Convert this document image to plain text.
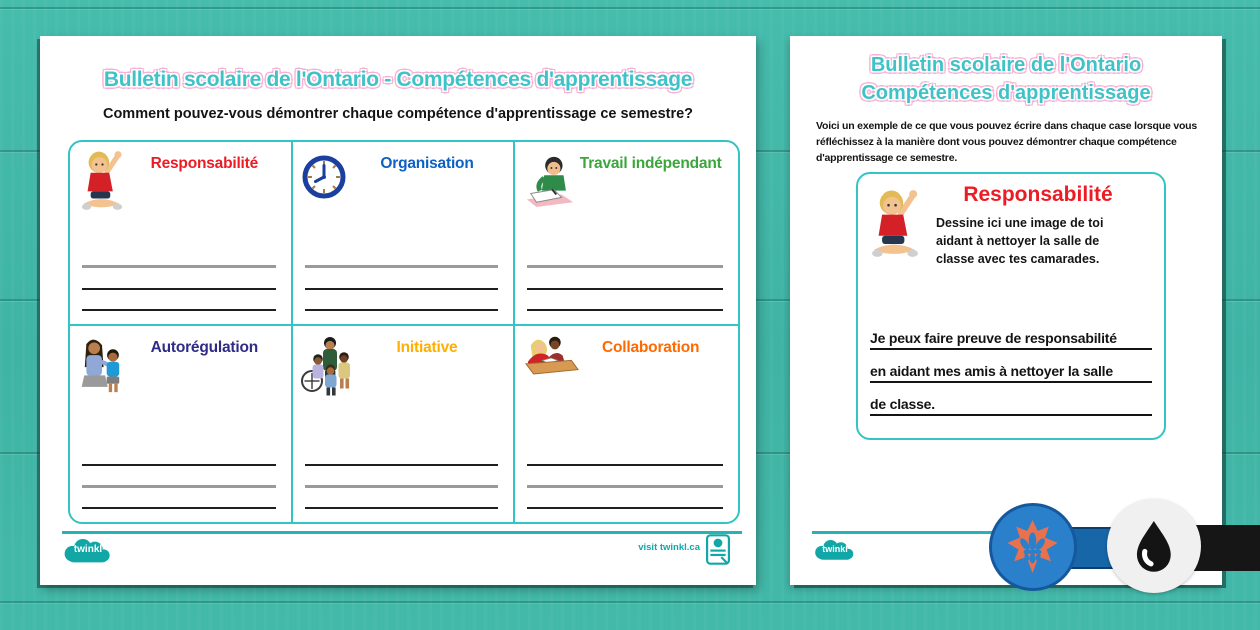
Bulletin scolaire de l'Ontario - Compétences d'apprentissage
Comment pouvez-vous démontrer chaque compétence d'apprentissage ce semestre?
Responsabilité	Organisation	Travail indépendant
Autorégulation	Initiative	Collaboration
twinkl	visit twinkl.ca
Bulletin scolaire de l'Ontario
Compétences d'apprentissage
Voici un exemple de ce que vous pouvez écrire dans chaque case lorsque vous
réfléchissez à la manière dont vous pouvez démontrer chaque compétence
d'apprentissage ce semestre.
Responsabilité
Dessine ici une image de toi
aidant à nettoyer la salle de
classe avec tes camarades.
Je peux faire preuve de responsabilité
en aidant mes amis à nettoyer la salle
de classe.
twinkl
